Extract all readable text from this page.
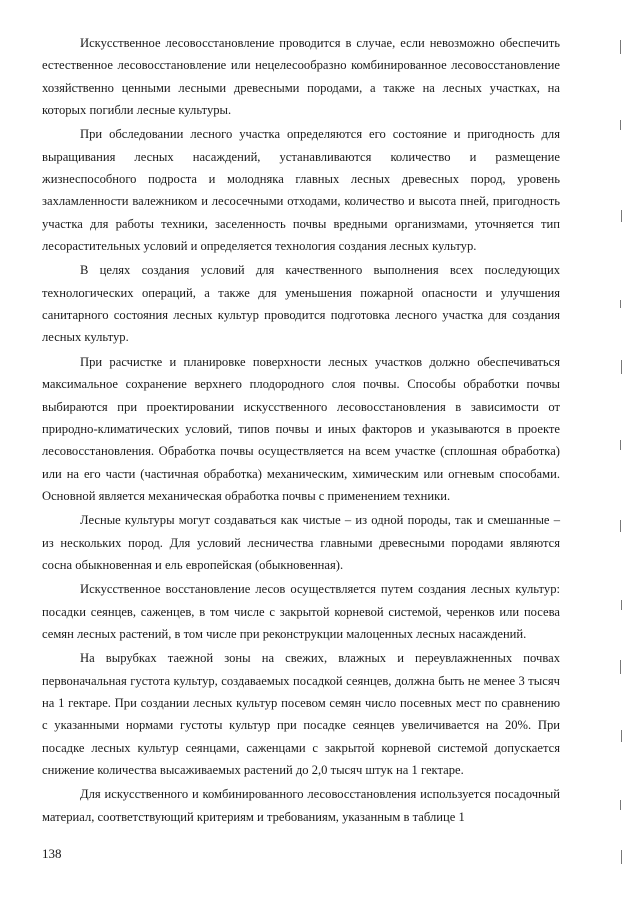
Искусственное лесовосстановление проводится в случае, если невозможно обеспечить естественное лесовосстановление или нецелесообразно комбинированное лесовосстановление хозяйственно ценными лесными древесными породами, а также на лесных участках, на которых погибли лесные культуры.

При обследовании лесного участка определяются его состояние и пригодность для выращивания лесных насаждений, устанавливаются количество и размещение жизнеспособного подроста и молодняка главных лесных древесных пород, уровень захламленности валежником и лесосечными отходами, количество и высота пней, пригодность участка для работы техники, заселенность почвы вредными организмами, уточняется тип лесорастительных условий и определяется технология создания лесных культур.

В целях создания условий для качественного выполнения всех последующих технологических операций, а также для уменьшения пожарной опасности и улучшения санитарного состояния лесных культур проводится подготовка лесного участка для создания лесных культур.

При расчистке и планировке поверхности лесных участков должно обеспечиваться максимальное сохранение верхнего плодородного слоя почвы. Способы обработки почвы выбираются при проектировании искусственного лесовосстановления в зависимости от природно-климатических условий, типов почвы и иных факторов и указываются в проекте лесовосстановления. Обработка почвы осуществляется на всем участке (сплошная обработка) или на его части (частичная обработка) механическим, химическим или огневым способами. Основной является механическая обработка почвы с применением техники.

Лесные культуры могут создаваться как чистые – из одной породы, так и смешанные – из нескольких пород. Для условий лесничества главными древесными породами являются сосна обыкновенная и ель европейская (обыкновенная).

Искусственное восстановление лесов осуществляется путем создания лесных культур: посадки сеянцев, саженцев, в том числе с закрытой корневой системой, черенков или посева семян лесных растений, в том числе при реконструкции малоценных лесных насаждений.

На вырубках таежной зоны на свежих, влажных и переувлажненных почвах первоначальная густота культур, создаваемых посадкой сеянцев, должна быть не менее 3 тысяч на 1 гектаре. При создании лесных культур посевом семян число посевных мест по сравнению с указанными нормами густоты культур при посадке сеянцев увеличивается на 20%. При посадке лесных культур сеянцами, саженцами с закрытой корневой системой допускается снижение количества высаживаемых растений до 2,0 тысяч штук на 1 гектаре.

Для искусственного и комбинированного лесовосстановления используется посадочный материал, соответствующий критериям и требованиям, указанным в таблице 1

138
